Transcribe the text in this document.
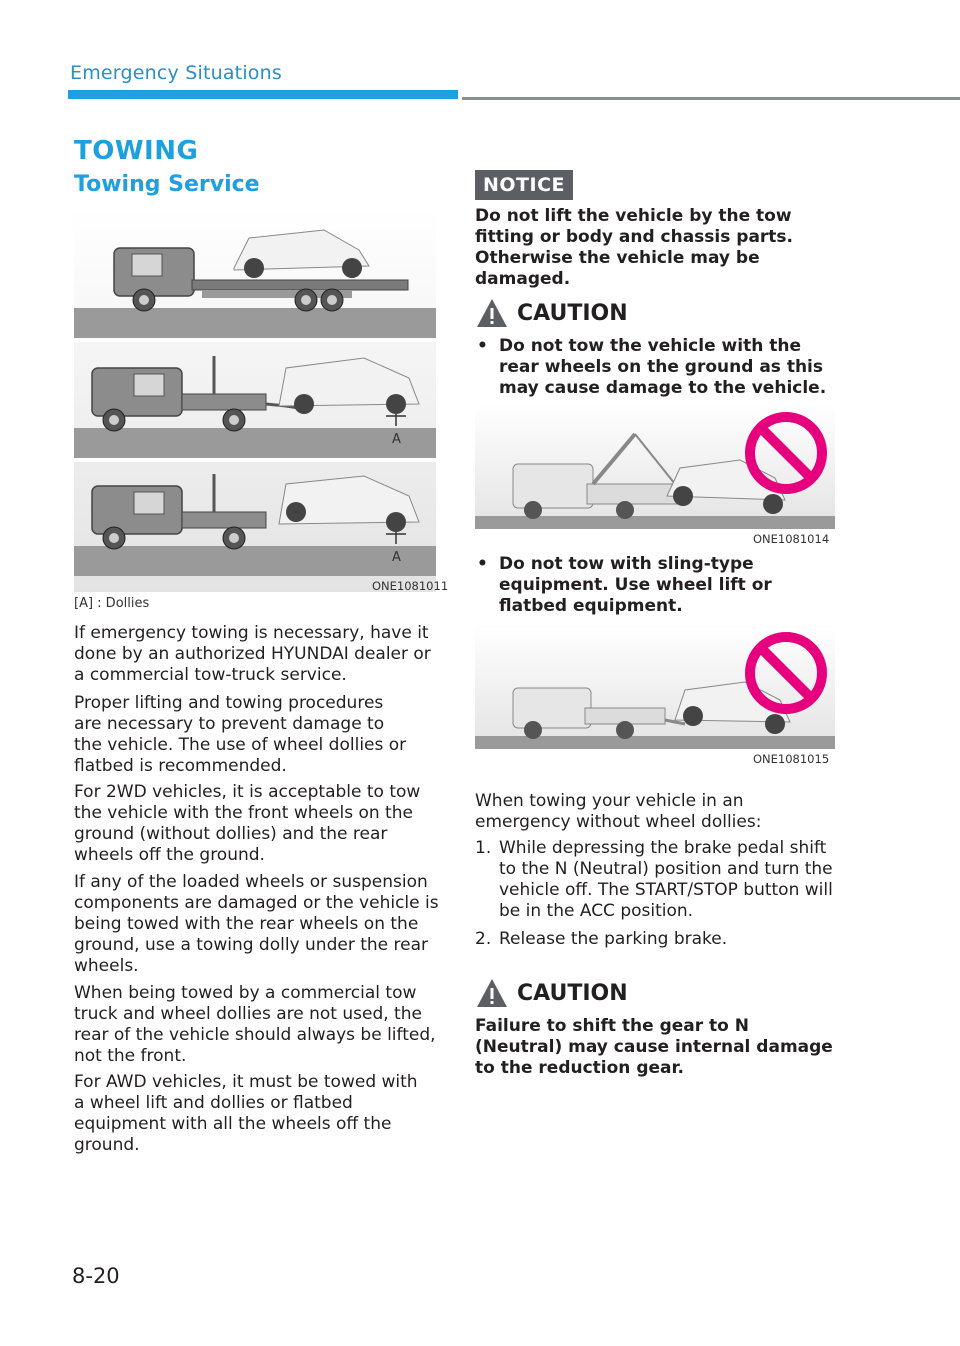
Emergency Situations
TOWING
Towing Service
A
A
ONE1081011
[A] : Dollies
If emergency towing is necessary, have it done by an authorized HYUNDAI dealer or a commercial tow-truck service.
Proper lifting and towing procedures are necessary to prevent damage to the vehicle. The use of wheel dollies or flatbed is recommended.
For 2WD vehicles, it is acceptable to tow the vehicle with the front wheels on the ground (without dollies) and the rear wheels off the ground.
If any of the loaded wheels or suspension components are damaged or the vehicle is being towed with the rear wheels on the ground, use a towing dolly under the rear wheels.
When being towed by a commercial tow truck and wheel dollies are not used, the rear of the vehicle should always be lifted, not the front.
For AWD vehicles, it must be towed with a wheel lift and dollies or flatbed equipment with all the wheels off the ground.
NOTICE
Do not lift the vehicle by the tow fitting or body and chassis parts. Otherwise the vehicle may be damaged.
CAUTION
• Do not tow the vehicle with the rear wheels on the ground as this may cause damage to the vehicle.
ONE1081014
• Do not tow with sling-type equipment. Use wheel lift or flatbed equipment.
ONE1081015
When towing your vehicle in an emergency without wheel dollies:
1. While depressing the brake pedal shift to the N (Neutral) position and turn the vehicle off. The START/STOP button will be in the ACC position.
2. Release the parking brake.
CAUTION
Failure to shift the gear to N (Neutral) may cause internal damage to the reduction gear.
8-20
